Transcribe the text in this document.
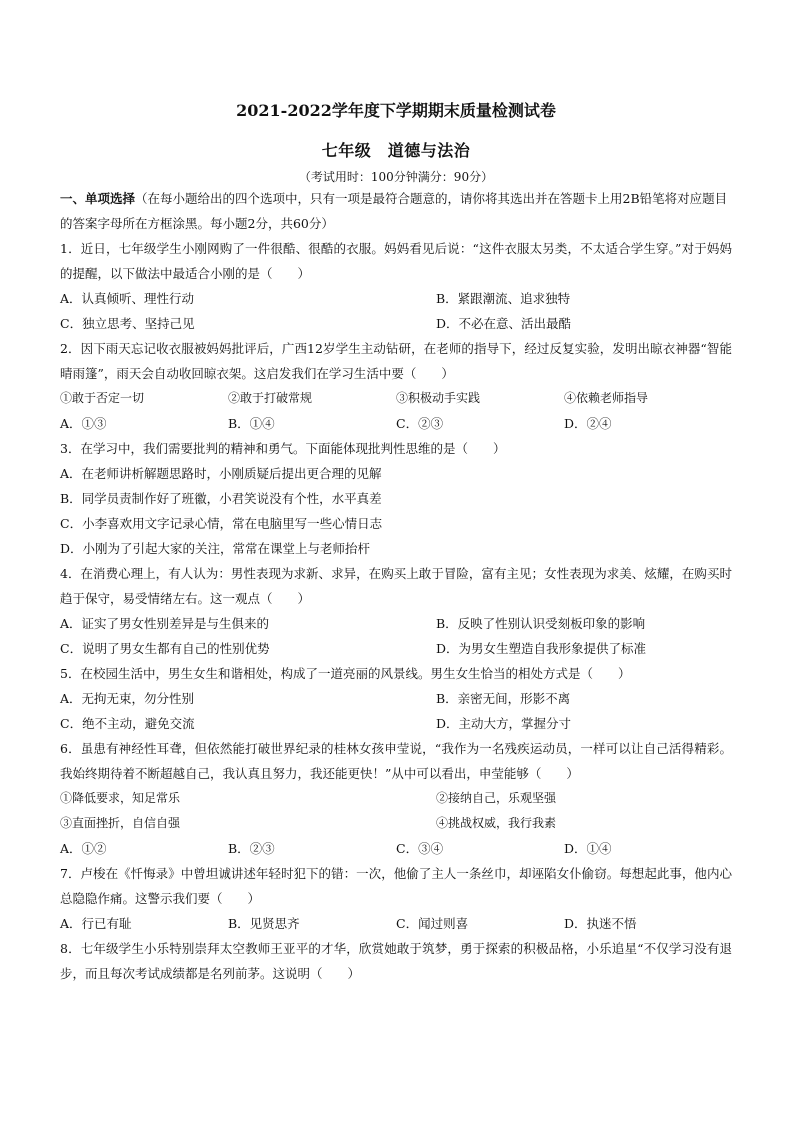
2021-2022学年度下学期期末质量检测试卷
七年级　道德与法治
（考试用时：100分钟满分：90分）
一、单项选择（在每小题给出的四个选项中，只有一项是最符合题意的，请你将其选出并在答题卡上用2B铅笔将对应题目的答案字母所在方框涂黑。每小题2分，共60分）
1．近日，七年级学生小刚网购了一件很酷、很酷的衣服。妈妈看见后说：“这件衣服太另类，不太适合学生穿。”对于妈妈的提醒，以下做法中最适合小刚的是（　　）
A．认真倾听、理性行动	B．紧跟潮流、追求独特
C．独立思考、坚持己见	D．不必在意、活出最酷
2．因下雨天忘记收衣服被妈妈批评后，广西12岁学生主动钻研，在老师的指导下，经过反复实验，发明出晾衣神器“智能晴雨篷”，雨天会自动收回晾衣架。这启发我们在学习生活中要（　　）
①敢于否定一切	②敢于打破常规	③积极动手实践	④依赖老师指导
A．①③	B．①④	C．②③	D．②④
3．在学习中，我们需要批判的精神和勇气。下面能体现批判性思维的是（　　）
A．在老师讲析解题思路时，小刚质疑后提出更合理的见解
B．同学员责制作好了班徽，小君笑说没有个性，水平真差
C．小李喜欢用文字记录心情，常在电脑里写一些心情日志
D．小刚为了引起大家的关注，常常在课堂上与老师抬杆
4．在消费心理上，有人认为：男性表现为求新、求异，在购买上敢于冒险，富有主见；女性表现为求美、炫耀，在购买时趋于保守，易受情绪左右。这一观点（　　）
A．证实了男女性别差异是与生俱来的	B．反映了性别认识受刻板印象的影响
C．说明了男女生都有自己的性别优势	D．为男女生塑造自我形象提供了标准
5．在校园生活中，男生女生和谐相处，构成了一道亮丽的风景线。男生女生恰当的相处方式是（　　）
A．无拘无束，勿分性别	B．亲密无间，形影不离
C．绝不主动，避免交流	D．主动大方，掌握分寸
6．虽患有神经性耳聋，但依然能打破世界纪录的桂林女孩申莹说，“我作为一名残疾运动员，一样可以让自己活得精彩。我始终期待着不断超越自己，我认真且努力，我还能更快！”从中可以看出，申莹能够（　　）
①降低要求，知足常乐	②接纳自己，乐观坚强
③直面挫折，自信自强	④挑战权威，我行我素
A．①②	B．②③	C．③④	D．①④
7．卢梭在《忏悔录》中曾坦诚讲述年轻时犯下的错：一次，他偷了主人一条丝巾，却诬陷女仆偷窃。每想起此事，他内心总隐隐作痛。这警示我们要（　　）
A．行已有耻	B．见贤思齐	C．闻过则喜	D．执迷不悟
8．七年级学生小乐特别崇拜太空教师王亚平的才华，欣赏她敢于筑梦，勇于探索的积极品格，小乐追星“不仅学习没有退步，而且每次考试成绩都是名列前茅。这说明（　　）
